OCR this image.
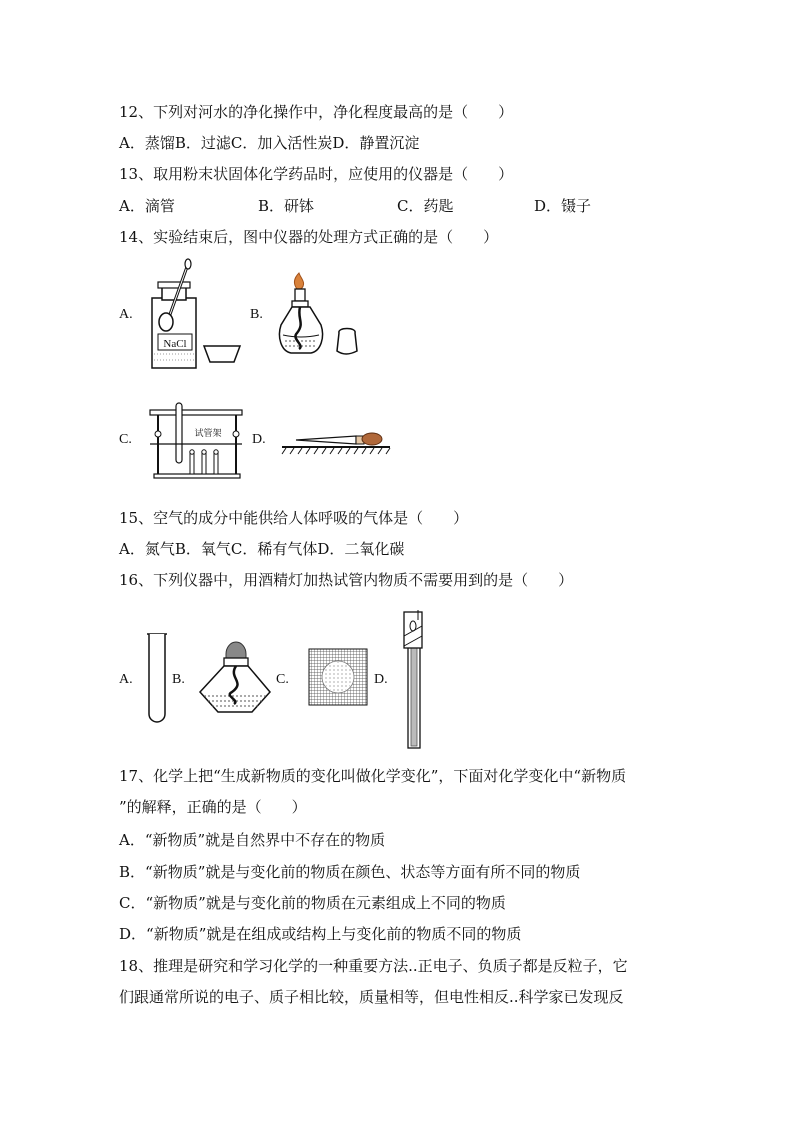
12、下列对河水的净化操作中，净化程度最高的是（　　）
A．蒸馏B．过滤C．加入活性炭D．静置沉淀
13、取用粉末状固体化学药品时，应使用的仪器是（　　）
A．滴管	B．研钵	C．药匙	D．镊子
14、实验结束后，图中仪器的处理方式正确的是（　　）
A.
NaCl
B.
C.	试管架 D.
15、空气的成分中能供给人体呼吸的气体是（　　）
A．氮气B．氧气C．稀有气体D．二氧化碳
16、下列仪器中，用酒精灯加热试管内物质不需要用到的是（　　）
A.	B.	C.	D.
17、化学上把“生成新物质的变化叫做化学变化”，下面对化学变化中“新物质
”的解释，正确的是（　　）
A．“新物质”就是自然界中不存在的物质
B．“新物质”就是与变化前的物质在颜色、状态等方面有所不同的物质
C．“新物质”就是与变化前的物质在元素组成上不同的物质
D．“新物质”就是在组成或结构上与变化前的物质不同的物质
18、推理是研究和学习化学的一种重要方法..正电子、负质子都是反粒子，它
们跟通常所说的电子、质子相比较，质量相等，但电性相反..科学家已发现反
